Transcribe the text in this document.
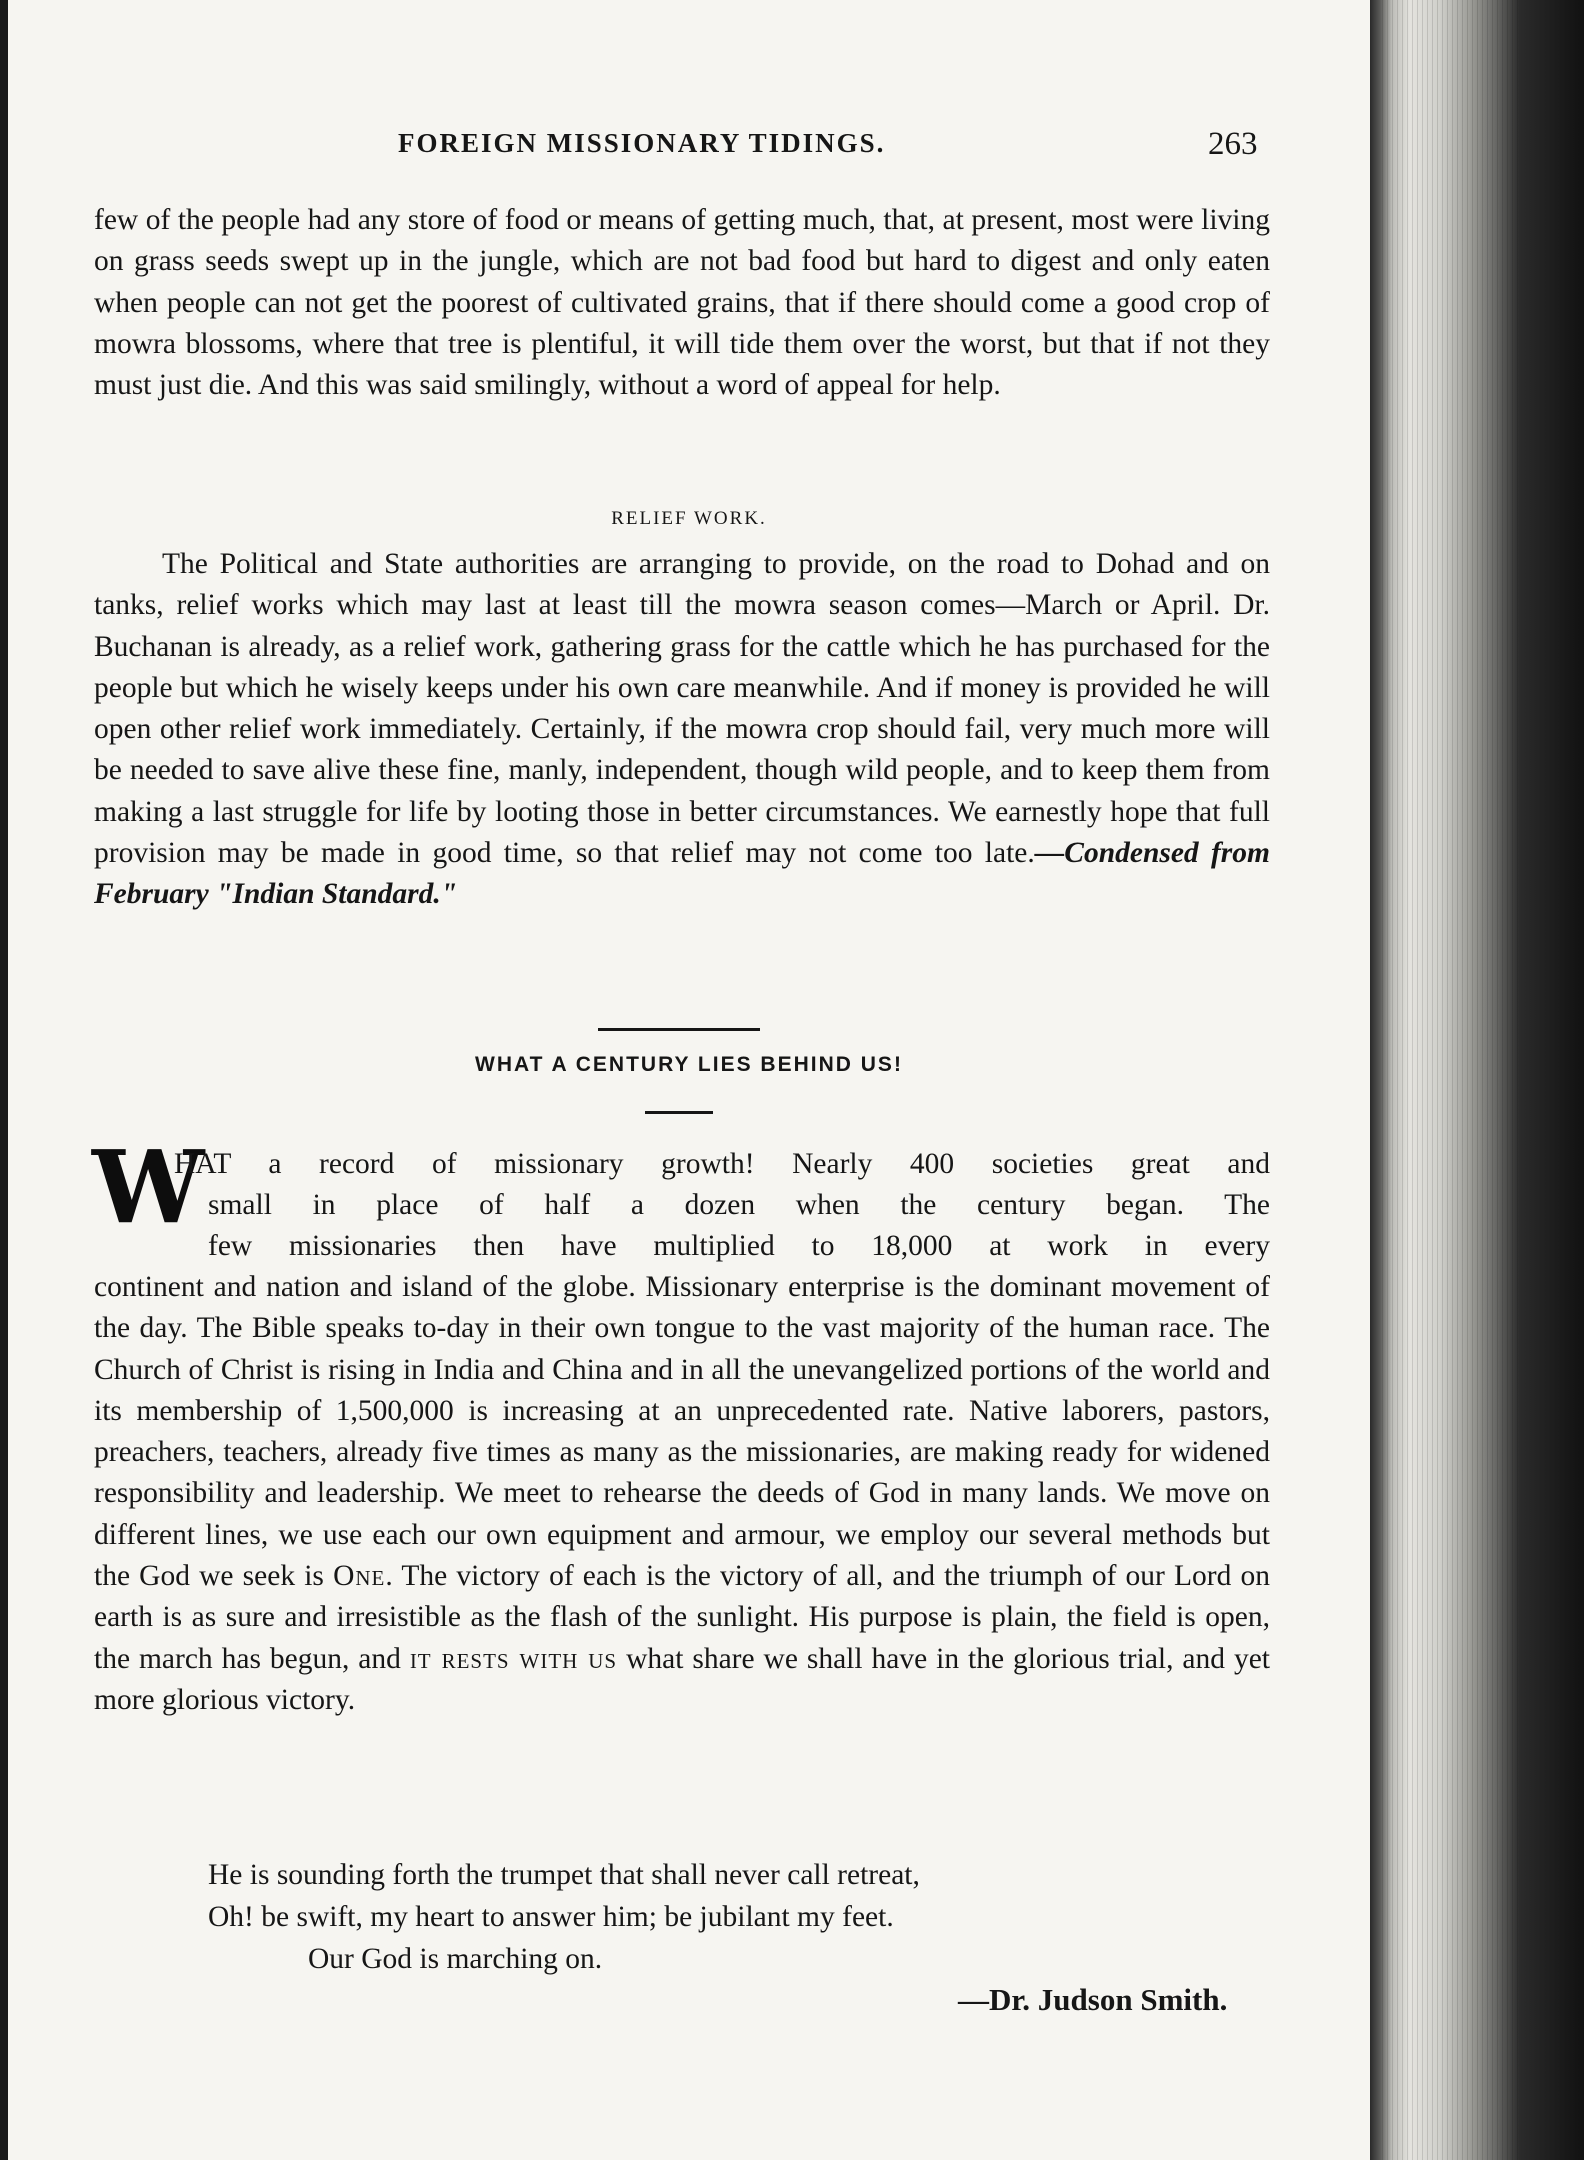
FOREIGN MISSIONARY TIDINGS.	263
few of the people had any store of food or means of getting much, that, at present, most were living on grass seeds swept up in the jungle, which are not bad food but hard to digest and only eaten when people can not get the poorest of cultivated grains, that if there should come a good crop of mowra blossoms, where that tree is plentiful, it will tide them over the worst, but that if not they must just die. And this was said smilingly, without a word of appeal for help.
RELIEF WORK.
The Political and State authorities are arranging to provide, on the road to Dohad and on tanks, relief works which may last at least till the mowra season comes—March or April. Dr. Buchanan is already, as a relief work, gathering grass for the cattle which he has purchased for the people but which he wisely keeps under his own care meanwhile. And if money is provided he will open other relief work immediately. Certainly, if the mowra crop should fail, very much more will be needed to save alive these fine, manly, independent, though wild people, and to keep them from making a last struggle for life by looting those in better circumstances. We earnestly hope that full provision may be made in good time, so that relief may not come too late.—Condensed from February "Indian Standard."
WHAT A CENTURY LIES BEHIND US!
W
HAT a record of missionary growth! Nearly 400 societies great and
small in place of half a dozen when the century began. The
few missionaries then have multiplied to 18,000 at work in every
continent and nation and island of the globe. Missionary enterprise is the dominant movement of the day. The Bible speaks to-day in their own tongue to the vast majority of the human race. The Church of Christ is rising in India and China and in all the unevangelized portions of the world and its membership of 1,500,000 is increasing at an unprecedented rate. Native laborers, pastors, preachers, teachers, already five times as many as the missionaries, are making ready for widened responsibility and leadership. We meet to rehearse the deeds of God in many lands. We move on different lines, we use each our own equipment and armour, we employ our several methods but the God we seek is One. The victory of each is the victory of all, and the triumph of our Lord on earth is as sure and irresistible as the flash of the sunlight. His purpose is plain, the field is open, the march has begun, and it rests with us what share we shall have in the glorious trial, and yet more glorious victory.
He is sounding forth the trumpet that shall never call retreat,
Oh! be swift, my heart to answer him; be jubilant my feet.
Our God is marching on.
—Dr. Judson Smith.
